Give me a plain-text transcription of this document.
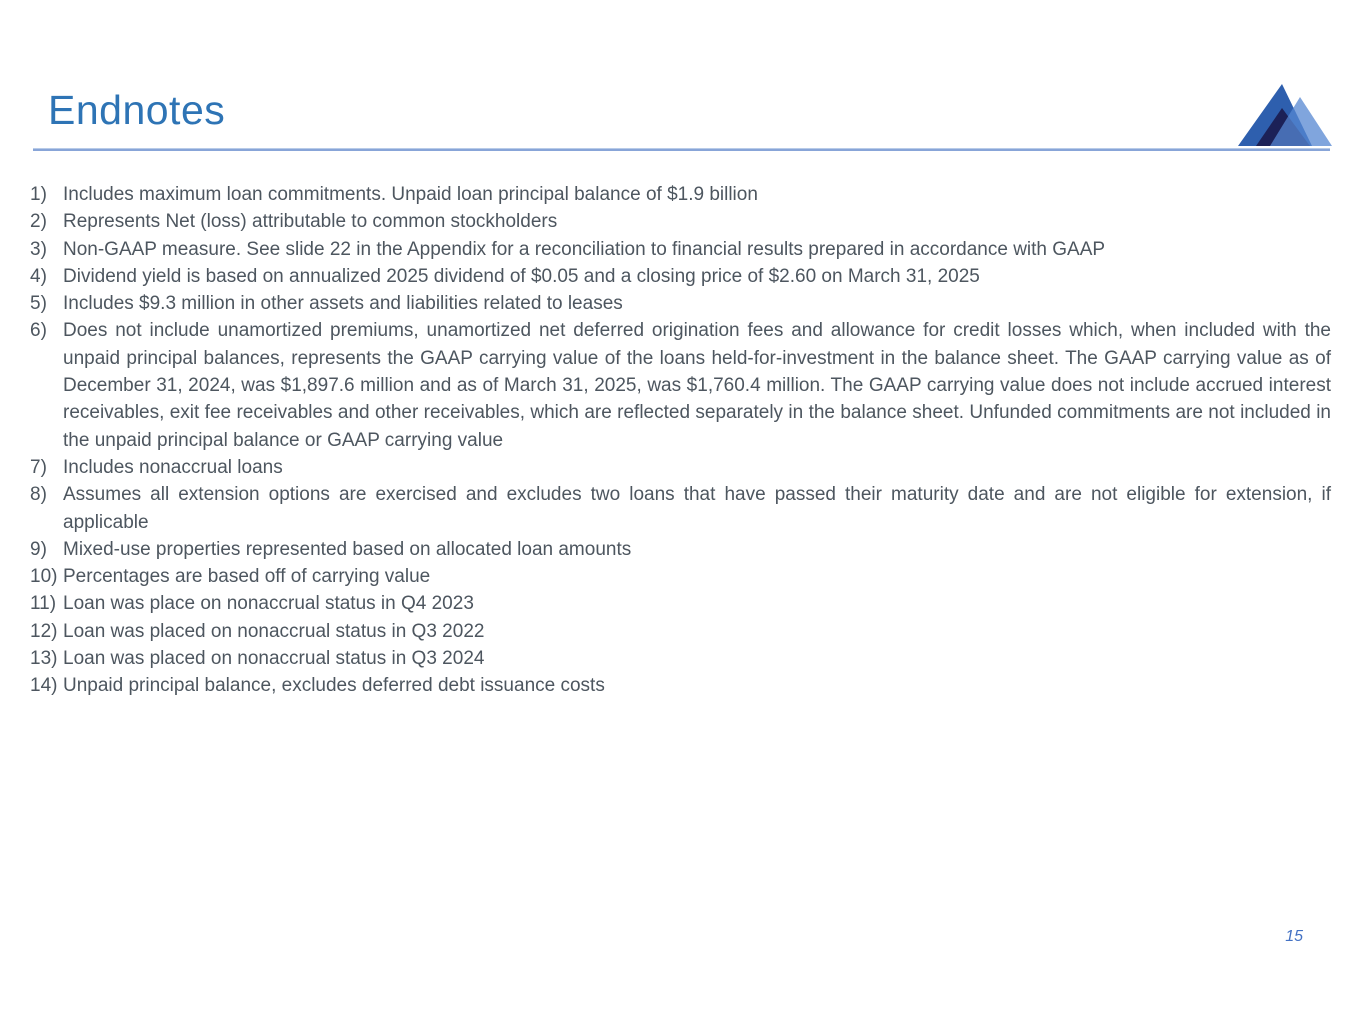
Endnotes
1) Includes maximum loan commitments. Unpaid loan principal balance of $1.9 billion
2) Represents Net (loss) attributable to common stockholders
3) Non-GAAP measure. See slide 22 in the Appendix for a reconciliation to financial results prepared in accordance with GAAP
4) Dividend yield is based on annualized 2025 dividend of $0.05 and a closing price of $2.60 on March 31, 2025
5) Includes $9.3 million in other assets and liabilities related to leases
6) Does not include unamortized premiums, unamortized net deferred origination fees and allowance for credit losses which, when included with the unpaid principal balances, represents the GAAP carrying value of the loans held-for-investment in the balance sheet. The GAAP carrying value as of December 31, 2024, was $1,897.6 million and as of March 31, 2025, was $1,760.4 million. The GAAP carrying value does not include accrued interest receivables, exit fee receivables and other receivables, which are reflected separately in the balance sheet. Unfunded commitments are not included in the unpaid principal balance or GAAP carrying value
7) Includes nonaccrual loans
8) Assumes all extension options are exercised and excludes two loans that have passed their maturity date and are not eligible for extension, if applicable
9) Mixed-use properties represented based on allocated loan amounts
10) Percentages are based off of carrying value
11) Loan was place on nonaccrual status in Q4 2023
12) Loan was placed on nonaccrual status in Q3 2022
13) Loan was placed on nonaccrual status in Q3 2024
14) Unpaid principal balance, excludes deferred debt issuance costs
15
